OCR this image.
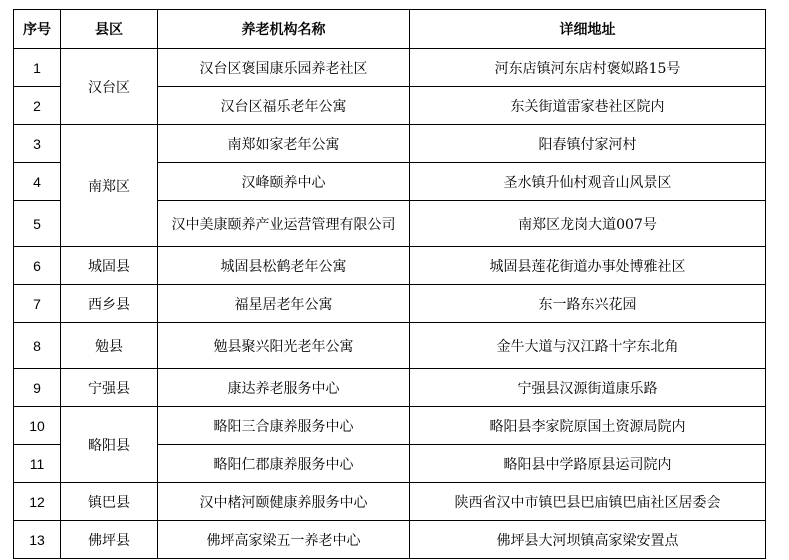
序号	县区	养老机构名称	详细地址
1	汉台区	汉台区褒国康乐园养老社区	河东店镇河东店村褒姒路15号
2		汉台区福乐老年公寓	东关街道雷家巷社区院内
3	南郑区	南郑如家老年公寓	阳春镇付家河村
4		汉峰颐养中心	圣水镇升仙村观音山风景区
5		汉中美康颐养产业运营管理有限公司	南郑区龙岗大道007号
6	城固县	城固县松鹤老年公寓	城固县莲花街道办事处博雅社区
7	西乡县	福星居老年公寓	东一路东兴花园
8	勉县	勉县聚兴阳光老年公寓	金牛大道与汉江路十字东北角
9	宁强县	康达养老服务中心	宁强县汉源街道康乐路
10	略阳县	略阳三合康养服务中心	略阳县李家院原国土资源局院内
11		略阳仁郡康养服务中心	略阳县中学路原县运司院内
12	镇巴县	汉中楮河颐健康养服务中心	陕西省汉中市镇巴县巴庙镇巴庙社区居委会
13	佛坪县	佛坪高家梁五一养老中心	佛坪县大河坝镇高家梁安置点
